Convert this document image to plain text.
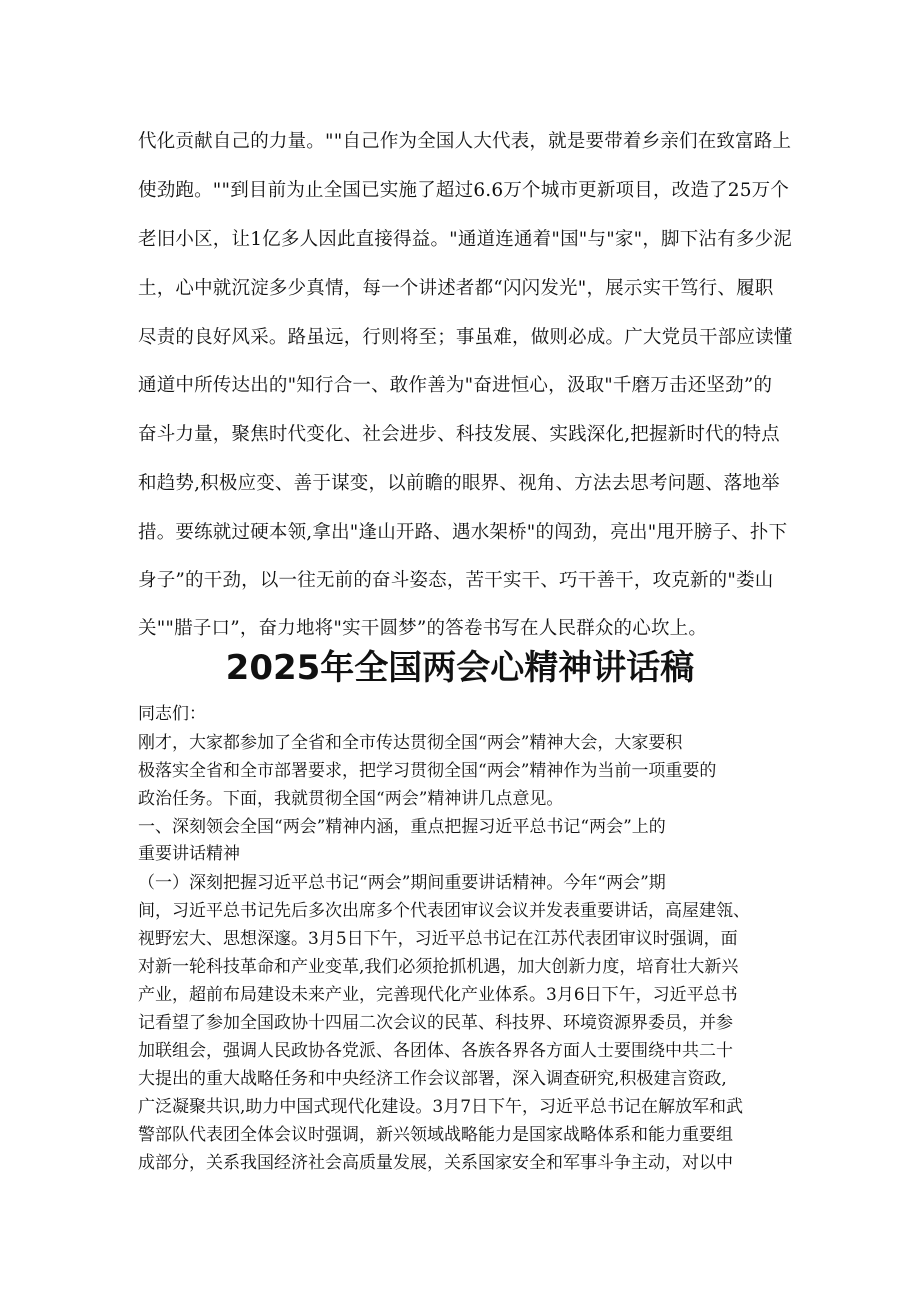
代化贡献自己的力量。""自己作为全国人大代表，就是要带着乡亲们在致富路上
使劲跑。""到目前为止全国已实施了超过6.6万个城市更新项目，改造了25万个
老旧小区，让1亿多人因此直接得益。"通道连通着"国"与"家"，脚下沾有多少泥
土，心中就沉淀多少真情，每一个讲述者都“闪闪发光"，展示实干笃行、履职
尽责的良好风采。路虽远，行则将至；事虽难，做则必成。广大党员干部应读懂
通道中所传达出的"知行合一、敢作善为"奋进恒心，汲取"千磨万击还坚劲”的
奋斗力量，聚焦时代变化、社会进步、科技发展、实践深化,把握新时代的特点
和趋势,积极应变、善于谋变，以前瞻的眼界、视角、方法去思考问题、落地举
措。要练就过硬本领,拿出"逢山开路、遇水架桥"的闯劲，亮出"甩开膀子、扑下
身子”的干劲，以一往无前的奋斗姿态，苦干实干、巧干善干，攻克新的"娄山
关""腊子口”，奋力地将"实干圆梦”的答卷书写在人民群众的心坎上。
2025年全国两会心精神讲话稿
同志们：
刚才，大家都参加了全省和全市传达贯彻全国“两会”精神大会，大家要积
极落实全省和全市部署要求，把学习贯彻全国“两会”精神作为当前一项重要的
政治任务。下面，我就贯彻全国“两会”精神讲几点意见。
一、深刻领会全国“两会”精神内涵，重点把握习近平总书记“两会”上的
重要讲话精神
（一）深刻把握习近平总书记“两会”期间重要讲话精神。今年“两会”期
间，习近平总书记先后多次出席多个代表团审议会议并发表重要讲话，高屋建瓴、
视野宏大、思想深邃。3月5日下午，习近平总书记在江苏代表团审议时强调，面
对新一轮科技革命和产业变革,我们必须抢抓机遇，加大创新力度，培育壮大新兴
产业，超前布局建设未来产业，完善现代化产业体系。3月6日下午，习近平总书
记看望了参加全国政协十四届二次会议的民革、科技界、环境资源界委员，并参
加联组会，强调人民政协各党派、各团体、各族各界各方面人士要围绕中共二十
大提出的重大战略任务和中央经济工作会议部署，深入调查研究,积极建言资政,
广泛凝聚共识,助力中国式现代化建设。3月7日下午，习近平总书记在解放军和武
警部队代表团全体会议时强调，新兴领域战略能力是国家战略体系和能力重要组
成部分，关系我国经济社会高质量发展，关系国家安全和军事斗争主动，对以中
